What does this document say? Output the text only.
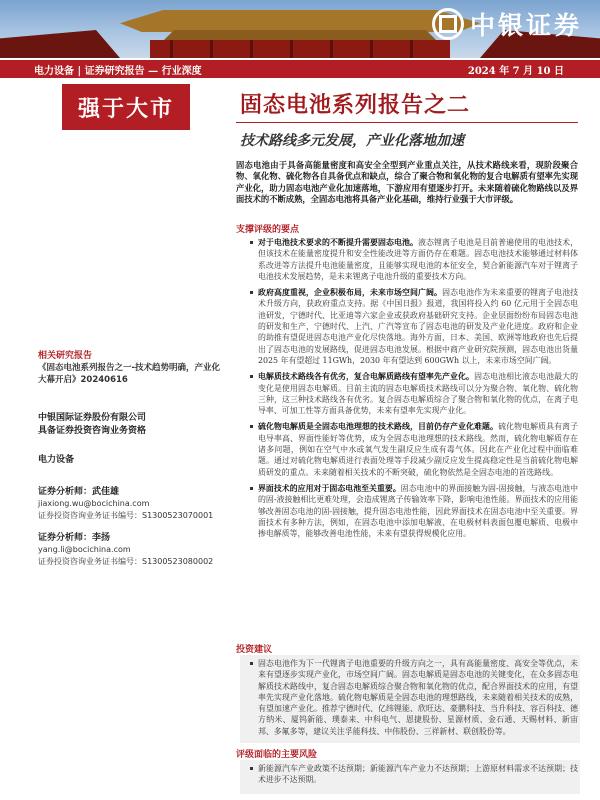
中银证券
电力设备 | 证券研究报告 — 行业深度	2024 年 7 月 10 日
强于大市	固态电池系列报告之二
技术路线多元发展，产业化落地加速
固态电池由于具备高能量密度和高安全全型到产业重点关注，从技术路线来看，现阶段聚合物、氧化物、硫化物各自具备优点和缺点，综合了聚合物和氧化物的复合电解质有望率先实现产业化，助力固态电池产业化加速落地，下游应用有望逐步打开。未来随着硫化物路线以及界面技术的不断成熟，全固态电池将具备产业化基础，维持行业强于大市评级。
支撑评级的要点
对于电池技术要求的不断提升需要固态电池。液态锂离子电池是目前普遍使用的电池技术，但该技术在能量密度提升和安全性能改进等方面仍存在难题。固态电池技术能够通过材料体系改进等方法提升电池能量密度，且能够实现电池的本征安全，契合新能源汽车对于锂离子电池技术发展趋势，是未来锂离子电池升级的重要技术方向。
政府高度重视，企业积极布局，未来市场空间广阔。固态电池作为未来重要的锂离子电池技术升级方向，获政府重点支持。据《中国日报》报道，我国将投入约 60 亿元用于全固态电池研发，宁德时代、比亚迪等六家企业或获政府基础研究支持。企业层面纷纷布局固态电池的研发和生产，宁德时代、上汽、广汽等宣布了固态电池的研发及产业化进度。政府和企业的助推有望促进固态电池产业化尽快落地。海外方面，日本、美国、欧洲等地政府也先后提出了固态电池的发展路线，促进固态电池发展。根据中商产业研究院预测，固态电池出货量 2025 年有望超过 11GWh，2030 年有望达到 600GWh 以上，未来市场空间广阔。
电解质技术路线各有优劣，复合电解质路线有望率先产业化。固态电池相比液态电池最大的变化是使用固态电解质。目前主流的固态电解质技术路线可以分为聚合物、氧化物、硫化物三种，这三种技术路线各有优劣。复合固态电解质综合了聚合物和氧化物的优点，在离子电导率、可加工性等方面具备优势，未来有望率先实现产业化。
硫化物电解质是全固态电池理想的技术路线，目前仍存产业化难题。硫化物电解质具有离子电导率高、界面性能好等优势，成为全固态电池理想的技术路线。然而，硫化物电解质存在诸多问题，例如在空气中水或氧气发生副反应生成有毒气体。因此在产业化过程中面临难题。通过对硫化物电解质进行表面处理等手段减少副反应发生提高稳定性是当前硫化物电解质研发的重点。未来随着相关技术的不断突破，硫化物依然是全固态电池的首选路线。
界面技术的应用对于固态电池至关重要。固态电池中的界面接触为固-固接触，与液态电池中的固-液接触相比更难处理，会造成锂离子传输效率下降，影响电池性能。界面技术的应用能够改善固态电池的固-固接触，提升固态电池性能，因此界面技术在固态电池中至关重要。界面技术有多种方法，例如，在固态电池中添加电解液、在电极材料表面包覆电解质、电极中掺电解质等，能够改善电池性能，未来有望获得规模化应用。
投资建议
固态电池作为下一代锂离子电池重要的升级方向之一，具有高能量密度、高安全等优点，未来有望逐步实现产业化，市场空间广阔。固态电解质是固态电池的关键变化，在众多固态电解质技术路线中，复合固态电解质综合聚合物和氧化物的优点，配合界面技术的应用，有望率先实现产业化落地。硫化物电解质是全固态电池的理想路线，未来随着相关技术的成熟，有望加速产业化。推荐宁德时代、亿纬锂能、欣旺达、豪鹏科技、当升科技、容百科技、德方纳米、厦钨新能、璞泰来、中科电气、恩捷股份、星源材质、金石通、天赐材料、新宙邦、多氟多等，建议关注孚能科技、中伟股份、三祥新材、联创股份等。
评级面临的主要风险
新能源汽车产业政策不达预期；新能源汽车产业力不达预期；上游原材料需求不达预期；技术进步不达预期。
相关研究报告
《固态电池系列报告之一-技术趋势明确，产业化大幕开启》20240616
中银国际证券股份有限公司
具备证券投资咨询业务资格
电力设备
证券分析师：武佳雄
jiaxiong.wu@bocichina.com
证券投资咨询业务证书编号：S1300523070001
证券分析师：李扬
yang.li@bocichina.com
证券投资咨询业务证书编号：S1300523080002
